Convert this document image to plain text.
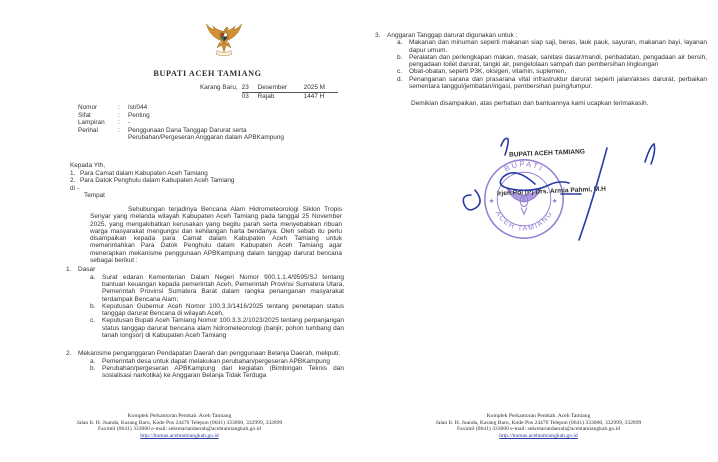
BUPATI ACEH TAMIANG
Karang Baru, 23	Desember	2025 M
03	Rajab	1447 H
Nomor	:	Ist/044
Sifat	:	Penting
Lampiran	:	-
Perihal	:	Penggunaan Dana Tanggap Darurat serta Perubahan/Pergeseran Anggaran dalam APBKampung
Kepada Yth,
1. Para Camat dalam Kabupaten Aceh Tamiang
2. Para Datok Penghulu dalam Kabupaten Aceh Tamiang
di -
Tempat

Sehubungan terjadinya Bencana Alam Hidrometeorologi Siklon Tropis Senyar yang melanda wilayah Kabupaten Aceh Tamiang pada tanggal 25 November 2025, yang mengakibatkan kerusakan yang begitu parah serta menyebabkan ribuan warga masyarakat mengungsi dan kehilangan harta bendanya. Oleh sebab itu perlu disampaikan kepada para Camat dalam Kabupaten Aceh Tamiang untuk memerintahkan Para Datok Penghulu dalam Kabupaten Aceh Tamiang agar menerapkan mekanisme penggunaan APBKampung dalam tanggap darurat bencana sebagai berikut :

1.	Dasar
a.	Surat edaran Kementerian Dalam Negeri Nomor 900.1.1.4/9595/SJ tentang bantuan keuangan kepada pemerintah Aceh, Pemerintah Provinsi Sumatera Utara, Pemerintah Provinsi Sumatera Barat dalam rangka penanganan masyarakat terdampak Bencana Alam;
b.	Keputusan Gubernur Aceh Nomor 100.3.3/1416/2025 tentang penetapan status tanggap darurat Bencana di wilayah Aceh,
c.	Keputusan Bupati Aceh Tamiang Nomor 100.3.3.2/1023/2025 tentang perpanjangan status tanggap darurat bencana alam hidrometeorologi (banjir, pohon tumbang dan tanah longsor) di Kabupaten Aceh Tamiang
2.	Mekanisme penganggaran Pendapatan Daerah dan penggunaan Belanja Daerah, meliputi:
a.	Pemerintah desa untuk dapat melakukan perubahan/pergeseran APBKampung
b.	Perubahan/pergeseran APBKampung dari kegiatan (Bimbingan Teknis dan sosialisasi narkotika) ke Anggaran Belanja Tidak Terduga
Komplek Perkantoran Pemkab. Aceh Tamiang
Jalan Ir. H. Juanda, Karang Baru, Kode Pos 24476 Telepon (0641) 333000, 332999, 332899
Faximil (0641) 333000 e-mail: sekretariatdaerah@acehtamiangkab.go.id
http://humas.acehtamiangkab.go.id
3.	Anggaran Tanggap darurat digunakan untuk :
a.	Makanan dan minuman seperti makanan siap saji, beras, lauk pauk, sayuran, makanan bayi, layanan dapur umum.
b.	Peralatan dan perlengkapan makan, masak, sanitasi dasar/mandi, peribadatan, pengadaan air bersih, pengadaan toilet darurat, tangki air, pengelolaan sampah dan pembersihan lingkungan
c.	Obat-obatan, seperti P3K, oksigen, vitamin, suplemen,
d.	Penanganan sarana dan prasarana vital infrastruktur darurat seperti jalan/akses darurat, perbaikan sementara tanggul/jembatan/irigasi, pembersihan puing/lumpur.

Demikian disampaikan, atas perhatian dan bantuannya kami ucapkan terimakasih.

BUPATI
ACEH TAMIANG
★	★
BUPATI ACEH TAMIANG
Irjen Pol (P) Drs. Armia Pahmi, M.H
Komplek Perkantoran Pemkab. Aceh Tamiang
Jalan Ir. H. Juanda, Karang Baru, Kode Pos 24476 Telepon (0641) 333000, 332999, 332899
Faximil (0641) 333000 e-mail: sekretariatdaerah@acehtamiangkab.go.id
http://humas.acehtamiangkab.go.id
